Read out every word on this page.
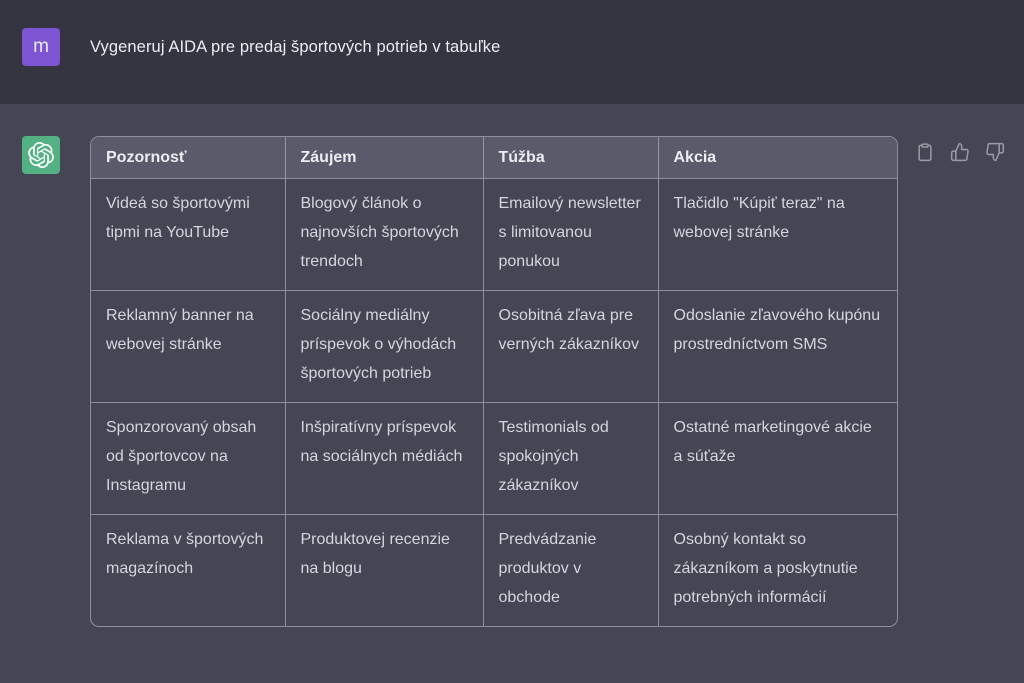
m	Vygeneruj AIDA pre predaj športových potrieb v tabuľke
Pozornosť	Záujem	Túžba	Akcia
Videá so športovými tipmi na YouTube	Blogový článok o najnovších športových trendoch	Emailový newsletter s limitovanou ponukou	Tlačidlo "Kúpiť teraz" na webovej stránke
Reklamný banner na webovej stránke	Sociálny mediálny príspevok o výhodách športových potrieb	Osobitná zľava pre verných zákazníkov	Odoslanie zľavového kupónu prostredníctvom SMS
Sponzorovaný obsah od športovcov na Instagramu	Inšpiratívny príspevok na sociálnych médiách	Testimonials od spokojných zákazníkov	Ostatné marketingové akcie a súťaže
Reklama v športových magazínoch	Produktovej recenzie na blogu	Predvádzanie produktov v obchode	Osobný kontakt so zákazníkom a poskytnutie potrebných informácií
